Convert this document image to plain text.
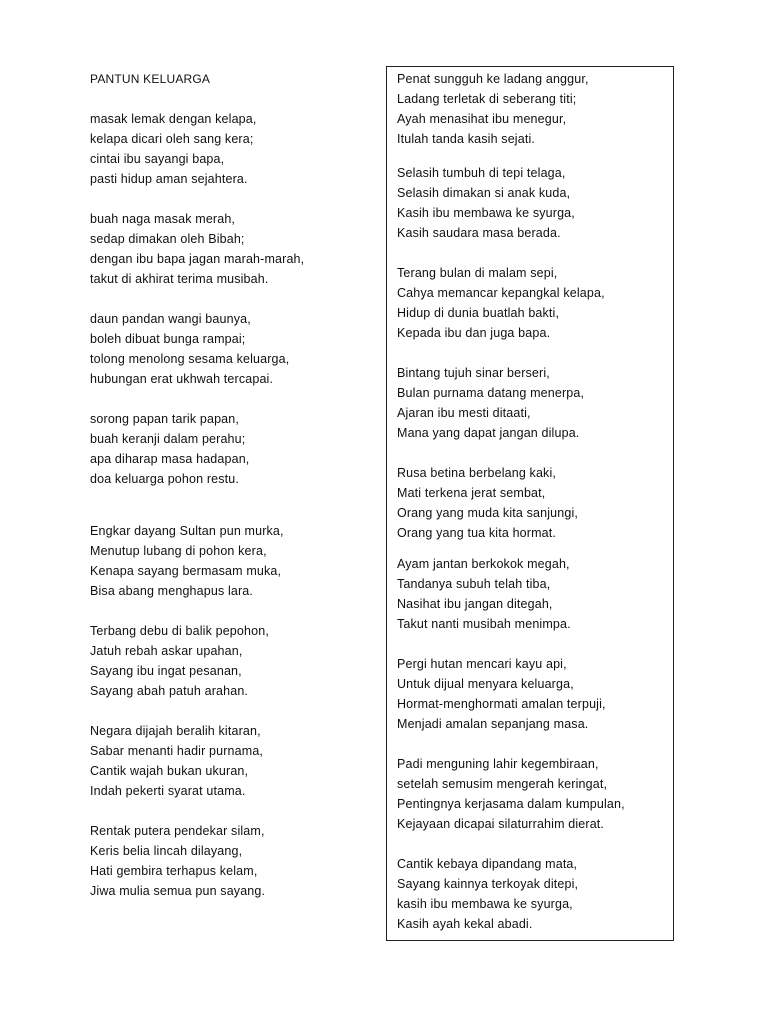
PANTUN KELUARGA
masak lemak dengan kelapa,
kelapa dicari oleh sang kera;
cintai ibu sayangi bapa,
pasti hidup aman sejahtera.
buah naga masak merah,
sedap dimakan oleh Bibah;
dengan ibu bapa jagan marah-marah,
takut di akhirat terima musibah.
daun pandan wangi baunya,
boleh dibuat bunga rampai;
tolong menolong sesama keluarga,
hubungan erat ukhwah tercapai.
sorong papan tarik papan,
buah keranji dalam perahu;
apa diharap masa hadapan,
doa keluarga pohon restu.
Engkar dayang Sultan pun murka,
Menutup lubang di pohon kera,
Kenapa sayang bermasam muka,
Bisa abang menghapus lara.
Terbang debu di balik pepohon,
Jatuh rebah askar upahan,
Sayang ibu ingat pesanan,
Sayang abah patuh arahan.
Negara dijajah beralih kitaran,
Sabar menanti hadir purnama,
Cantik wajah bukan ukuran,
Indah pekerti syarat utama.
Rentak putera pendekar silam,
Keris belia lincah dilayang,
Hati gembira terhapus kelam,
Jiwa mulia semua pun sayang.
Penat sungguh ke ladang anggur,
Ladang terletak di seberang titi;
Ayah menasihat ibu menegur,
Itulah tanda kasih sejati.
Selasih tumbuh di tepi telaga,
Selasih dimakan si anak kuda,
Kasih ibu membawa ke syurga,
Kasih saudara masa berada.
Terang bulan di malam sepi,
Cahya memancar kepangkal kelapa,
Hidup di dunia buatlah bakti,
Kepada ibu dan juga bapa.
Bintang tujuh sinar berseri,
Bulan purnama datang menerpa,
Ajaran ibu mesti ditaati,
Mana yang dapat jangan dilupa.
Rusa betina berbelang kaki,
Mati terkena jerat sembat,
Orang yang muda kita sanjungi,
Orang yang tua kita hormat.
Ayam jantan berkokok megah,
Tandanya subuh telah tiba,
Nasihat ibu jangan ditegah,
Takut nanti musibah menimpa.
Pergi hutan mencari kayu api,
Untuk dijual menyara keluarga,
Hormat-menghormati amalan terpuji,
Menjadi amalan sepanjang masa.
Padi menguning lahir kegembiraan,
setelah semusim mengerah keringat,
Pentingnya kerjasama dalam kumpulan,
Kejayaan dicapai silaturrahim dierat.
Cantik kebaya dipandang mata,
Sayang kainnya terkoyak ditepi,
kasih ibu membawa ke syurga,
Kasih ayah kekal abadi.
